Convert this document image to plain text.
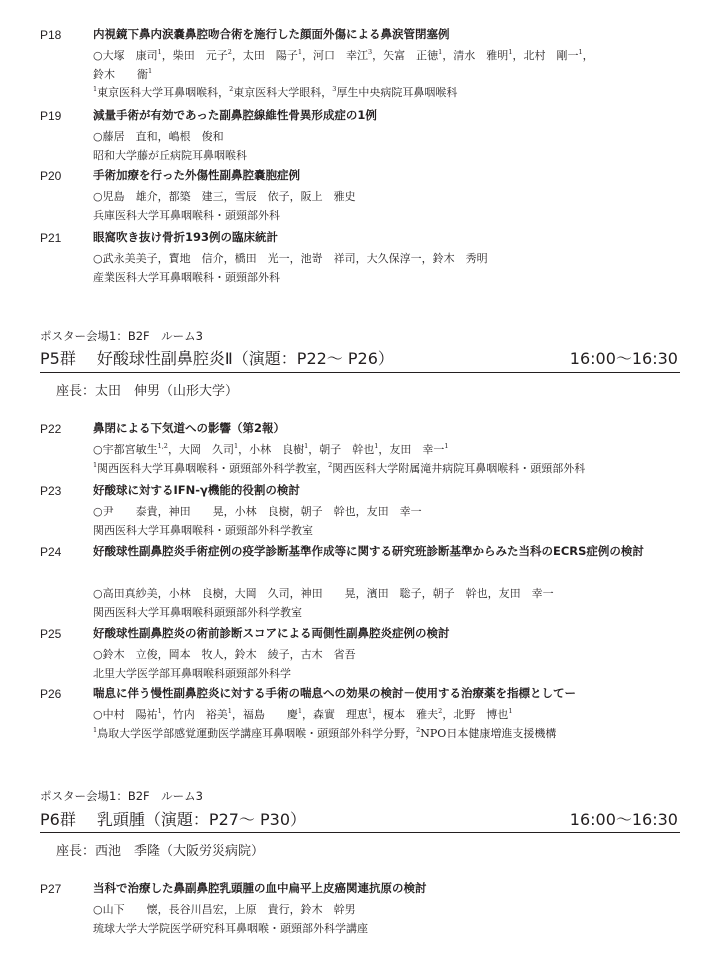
P18	内視鏡下鼻内涙嚢鼻腔吻合術を施行した顔面外傷による鼻涙管閉塞例
○大塚　康司$^1$，柴田　元子$^2$，太田　陽子$^1$，河口　幸江$^3$，矢富　正徳$^1$，清水　雅明$^1$，北村　剛一$^1$，
鈴木　　衞$^1$
$^1$東京医科大学耳鼻咽喉科，$^2$東京医科大学眼科，$^3$厚生中央病院耳鼻咽喉科
P19	減量手術が有効であった副鼻腔線維性骨異形成症の1例
○藤居　直和，嶋根　俊和
昭和大学藤が丘病院耳鼻咽喉科
P20	手術加療を行った外傷性副鼻腔嚢胞症例
○児島　雄介，都築　建三，雪辰　依子，阪上　雅史
兵庫医科大学耳鼻咽喉科・頭頸部外科
P21	眼窩吹き抜け骨折193例の臨床統計
○武永美美子，寳地　信介，橋田　光一，池嵜　祥司，大久保淳一，鈴木　秀明
産業医科大学耳鼻咽喉科・頭頸部外科
ポスター会場1：B2F　ルーム3
P5群　 好酸球性副鼻腔炎Ⅱ（演題：P22～ P26）	16:00～16:30
座長：太田　伸男（山形大学）
P22	鼻閉による下気道への影響（第2報）
○宇都宮敏生$^{1,2}$，大岡　久司$^1$，小林　良樹$^1$，朝子　幹也$^1$，友田　幸一$^1$
$^1$関西医科大学耳鼻咽喉科・頭頸部外科学教室，$^2$関西医科大学附属滝井病院耳鼻咽喉科・頭頸部外科
P23	好酸球に対するIFN-γ機能的役割の検討
○尹　　泰貴，神田　　晃，小林　良樹，朝子　幹也，友田　幸一
関西医科大学耳鼻咽喉科・頭頸部外科学教室
P24	好酸球性副鼻腔炎手術症例の疫学診断基準作成等に関する研究班診断基準からみた当科のECRS症例の検討
○高田真紗美，小林　良樹，大岡　久司，神田　　晃，濱田　聡子，朝子　幹也，友田　幸一
関西医科大学耳鼻咽喉科頭頸部外科学教室
P25	好酸球性副鼻腔炎の術前診断スコアによる両側性副鼻腔炎症例の検討
○鈴木　立俊，岡本　牧人，鈴木　綾子，古木　省吾
北里大学医学部耳鼻咽喉科頭頸部外科学
P26	喘息に伴う慢性副鼻腔炎に対する手術の喘息への効果の検討－使用する治療薬を指標としてー
○中村　陽祐$^1$，竹内　裕美$^1$，福島　　慶$^1$，森實　理恵$^1$，榎本　雅夫$^2$，北野　博也$^1$
$^1$鳥取大学医学部感覚運動医学講座耳鼻咽喉・頭頸部外科学分野，$^2$NPO日本健康増進支援機構
ポスター会場1：B2F　ルーム3
P6群　 乳頭腫（演題：P27～ P30）	16:00～16:30
座長：西池　季隆（大阪労災病院）
P27	当科で治療した鼻副鼻腔乳頭腫の血中扁平上皮癌関連抗原の検討
○山下　　懐，長谷川昌宏，上原　貴行，鈴木　幹男
琉球大学大学院医学研究科耳鼻咽喉・頭頸部外科学講座
